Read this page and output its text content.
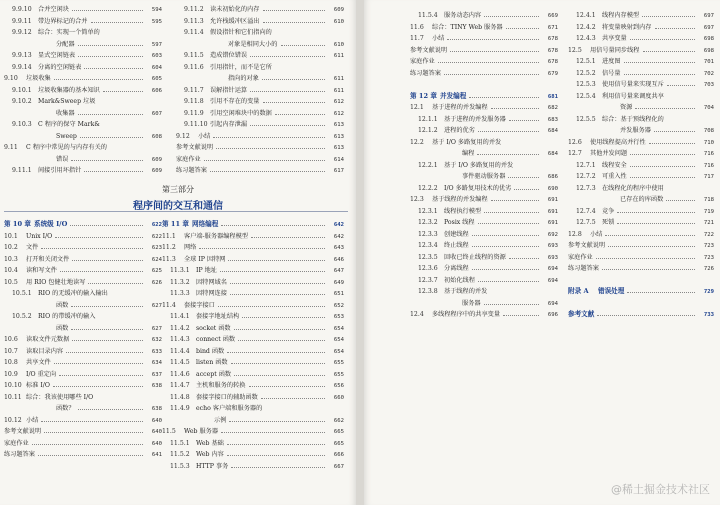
9.9.10	合并空闲块	594
9.9.11	带边界标记的合并	595
9.9.12	综合：实现一个简单的
分配器	597
9.9.13	显式空闲链表	603
9.9.14	分离的空闲链表	604
9.10	垃圾收集	605
9.10.1	垃圾收集器的基本知识	606
9.10.2	Mark&Sweep 垃圾
收集器	607
9.10.3	C 程序的保守 Mark&
Sweep	608
9.11	C 程序中常见的与内存有关的
错误	609
9.11.1	间接引用坏指针	609
9.11.2	读未初始化的内存	609
9.11.3	允许栈缓冲区溢出	610
9.11.4	假设指针和它们指向的
对象是相同大小的	610
9.11.5	造成错位错误	611
9.11.6	引用指针，而不是它所
指向的对象	611
9.11.7	误解指针运算	611
9.11.8	引用不存在的变量	612
9.11.9	引用空闲堆块中的数据	612
9.11.10 引起内存泄漏	613
9.12	小结	613
参考文献说明	613
家庭作业	614
练习题答案	617
第三部分
程序间的交互和通信
第 10 章 系统级 I/O	622
10.1	Unix I/O	622
10.2	文件	623
10.3	打开和关闭文件	624
10.4	读和写文件	625
10.5	用 RIO 包健壮地读写	626
10.5.1	RIO 的无缓冲的输入输出
函数	627
10.5.2	RIO 的带缓冲的输入
函数	627
10.6	读取文件元数据	632
10.7	读取目录内容	633
10.8	共享文件	634
10.9	I/O 重定向	637
10.10 标准 I/O	638
10.11 综合：我该使用哪些 I/O
函数？	638
10.12 小结	640
参考文献说明	640
家庭作业	640
练习题答案	641
第 11 章 网络编程	642
11.1	客户端-服务器编程模型	642
11.2	网络	643
11.3	全球 IP 因特网	646
11.3.1	IP 地址	647
11.3.2	因特网域名	649
11.3.3	因特网连接	651
11.4	套接字接口	652
11.4.1	套接字地址结构	653
11.4.2	socket 函数	654
11.4.3	connect 函数	654
11.4.4	bind 函数	654
11.4.5	listen 函数	655
11.4.6	accept 函数	655
11.4.7	主机和服务的转换	656
11.4.8	套接字接口的辅助函数	660
11.4.9	echo 客户端和服务器的
示例	662
11.5	Web 服务器	665
11.5.1	Web 基础	665
11.5.2	Web 内容	666
11.5.3	HTTP 事务	667
11.5.4	服务动态内容	669
11.6	综合：TINY Web 服务器	671
11.7	小结	678
参考文献说明	678
家庭作业	678
练习题答案	679
第 12 章 并发编程	681
12.1	基于进程的并发编程	682
12.1.1	基于进程的并发服务器	683
12.1.2	进程的优劣	684
12.2	基于 I/O 多路复用的并发
编程	684
12.2.1	基于 I/O 多路复用的并发
事件驱动服务器	686
12.2.2	I/O 多路复用技术的优劣	690
12.3	基于线程的并发编程	691
12.3.1	线程执行模型	691
12.3.2	Posix 线程	691
12.3.3	创建线程	692
12.3.4	终止线程	693
12.3.5	回收已终止线程的资源	693
12.3.6	分离线程	694
12.3.7	初始化线程	694
12.3.8	基于线程的并发
服务器	694
12.4	多线程程序中的共享变量	696
12.4.1	线程内存模型	697
12.4.2	将变量映射到内存	697
12.4.3	共享变量	698
12.5	用信号量同步线程	698
12.5.1	进度图	701
12.5.2	信号量	702
12.5.3	使用信号量来实现互斥	703
12.5.4	利用信号量来调度共享
资源	704
12.5.5	综合：基于预线程化的
并发服务器	708
12.6	使用线程提高并行性	710
12.7	其他并发问题	716
12.7.1	线程安全	716
12.7.2	可重入性	717
12.7.3	在线程化的程序中使用
已存在的库函数	718
12.7.4	竞争	719
12.7.5	死锁	721
12.8	小结	722
参考文献说明	723
家庭作业	723
练习题答案	726
附录 A	错误处理	729
参考文献	733
@稀土掘金技术社区
